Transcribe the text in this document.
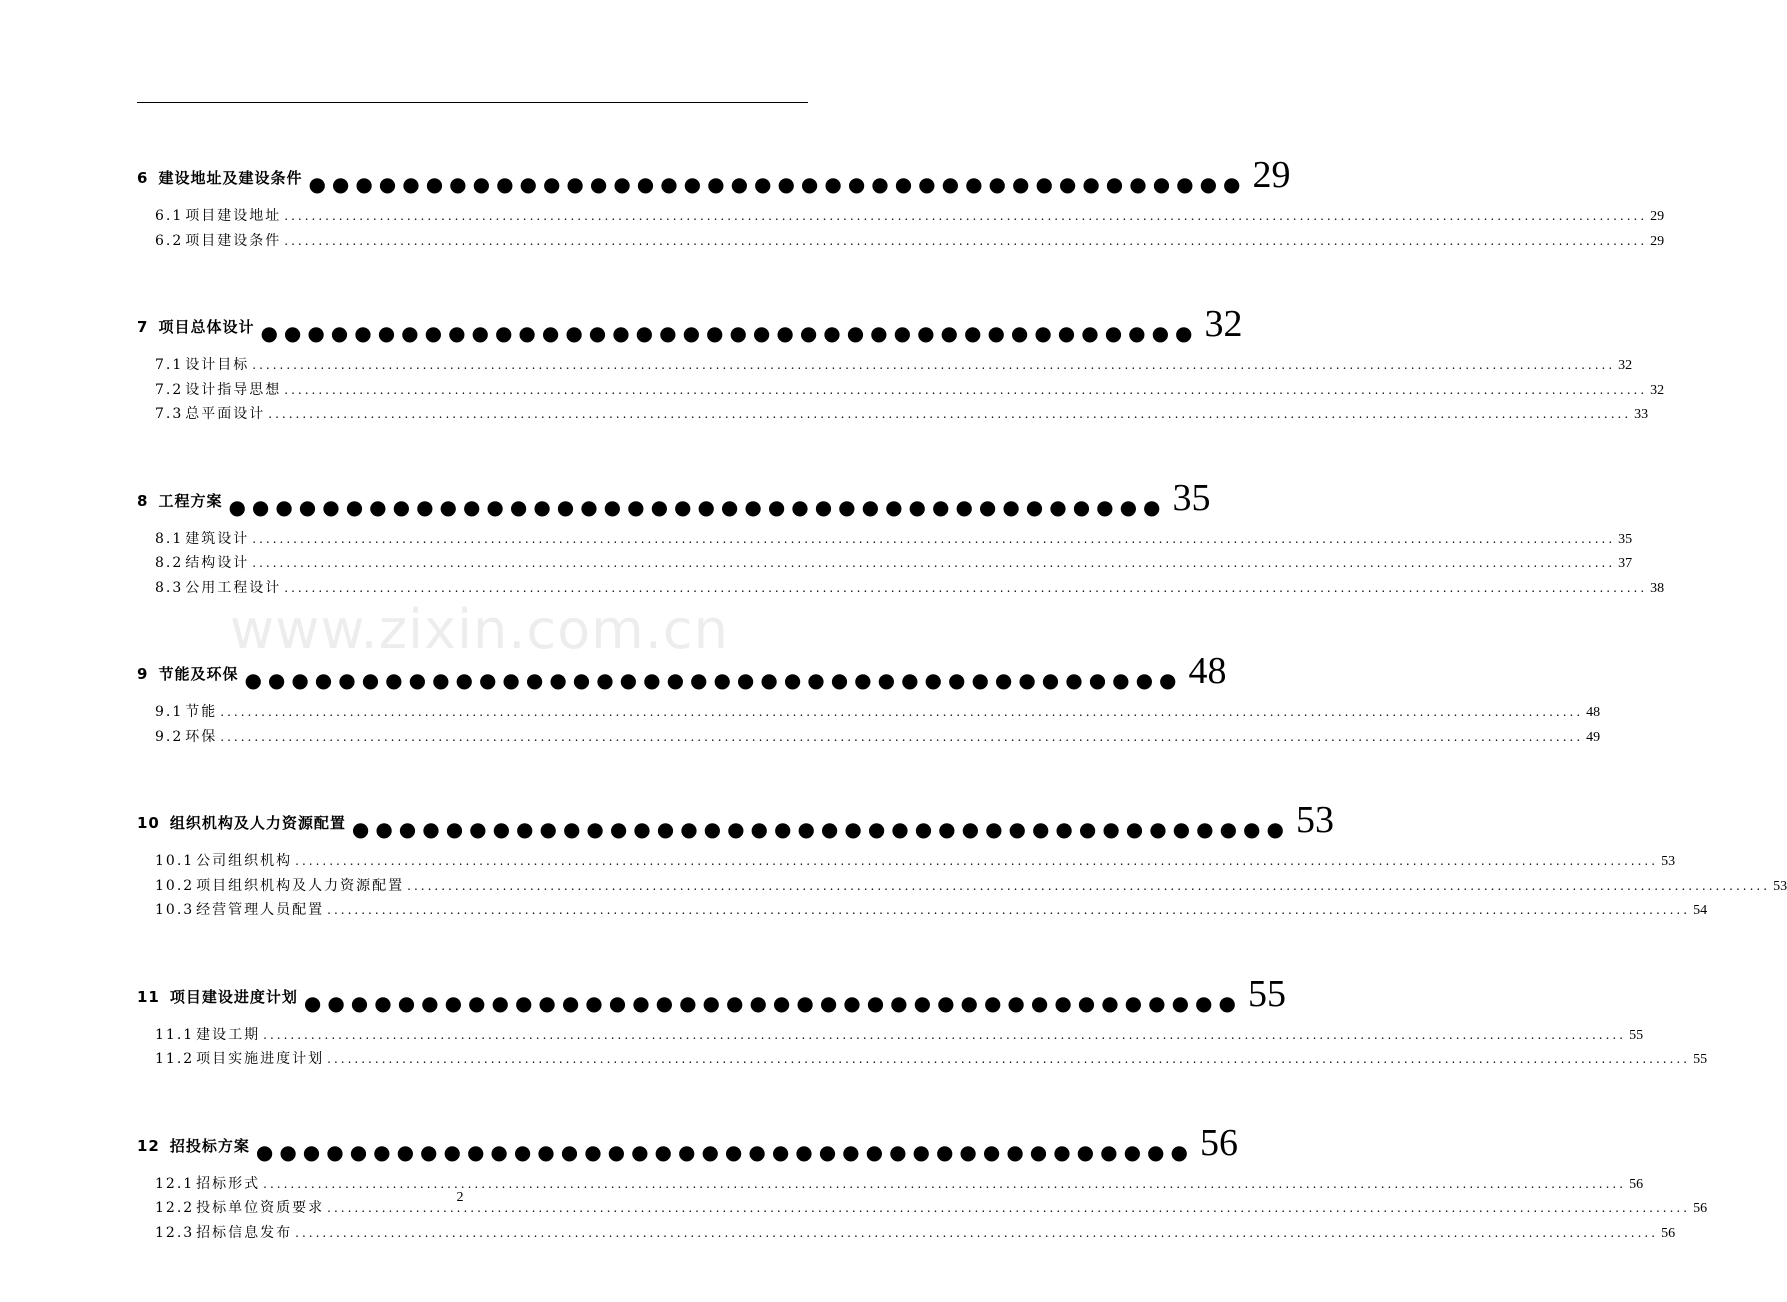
6 建设地址及建设条件 ●●●●●●●●●●●●●●●●●●●●●●●●●●●●●●●●●●●●●●●● 29
6.1 项目建设地址 ........................................................................................................................................................................................................ 29
6.2 项目建设条件 ........................................................................................................................................................................................................ 29
7 项目总体设计 ●●●●●●●●●●●●●●●●●●●●●●●●●●●●●●●●●●●●●●●● 32
7.1 设计目标 ........................................................................................................................................................................................................ 32
7.2 设计指导思想 ........................................................................................................................................................................................................ 32
7.3 总平面设计 ........................................................................................................................................................................................................ 33
8 工程方案 ●●●●●●●●●●●●●●●●●●●●●●●●●●●●●●●●●●●●●●●● 35
8.1 建筑设计 ........................................................................................................................................................................................................ 35
8.2 结构设计 ........................................................................................................................................................................................................ 37
8.3 公用工程设计 ........................................................................................................................................................................................................ 38
9 节能及环保 ●●●●●●●●●●●●●●●●●●●●●●●●●●●●●●●●●●●●●●●● 48
9.1 节能 ........................................................................................................................................................................................................ 48
9.2 环保 ........................................................................................................................................................................................................ 49
10 组织机构及人力资源配置 ●●●●●●●●●●●●●●●●●●●●●●●●●●●●●●●●●●●●●●●● 53
10.1 公司组织机构 ........................................................................................................................................................................................................ 53
10.2 项目组织机构及人力资源配置 ........................................................................................................................................................................................................ 53
10.3 经营管理人员配置 ........................................................................................................................................................................................................ 54
11 项目建设进度计划 ●●●●●●●●●●●●●●●●●●●●●●●●●●●●●●●●●●●●●●●● 55
11.1 建设工期 ........................................................................................................................................................................................................ 55
11.2 项目实施进度计划 ........................................................................................................................................................................................................ 55
12 招投标方案 ●●●●●●●●●●●●●●●●●●●●●●●●●●●●●●●●●●●●●●●● 56
12.1 招标形式 ........................................................................................................................................................................................................ 56
12.2 投标单位资质要求 ........................................................................................................................................................................................................ 56
12.3 招标信息发布 ........................................................................................................................................................................................................ 56
www.zixin.com.cn
2
